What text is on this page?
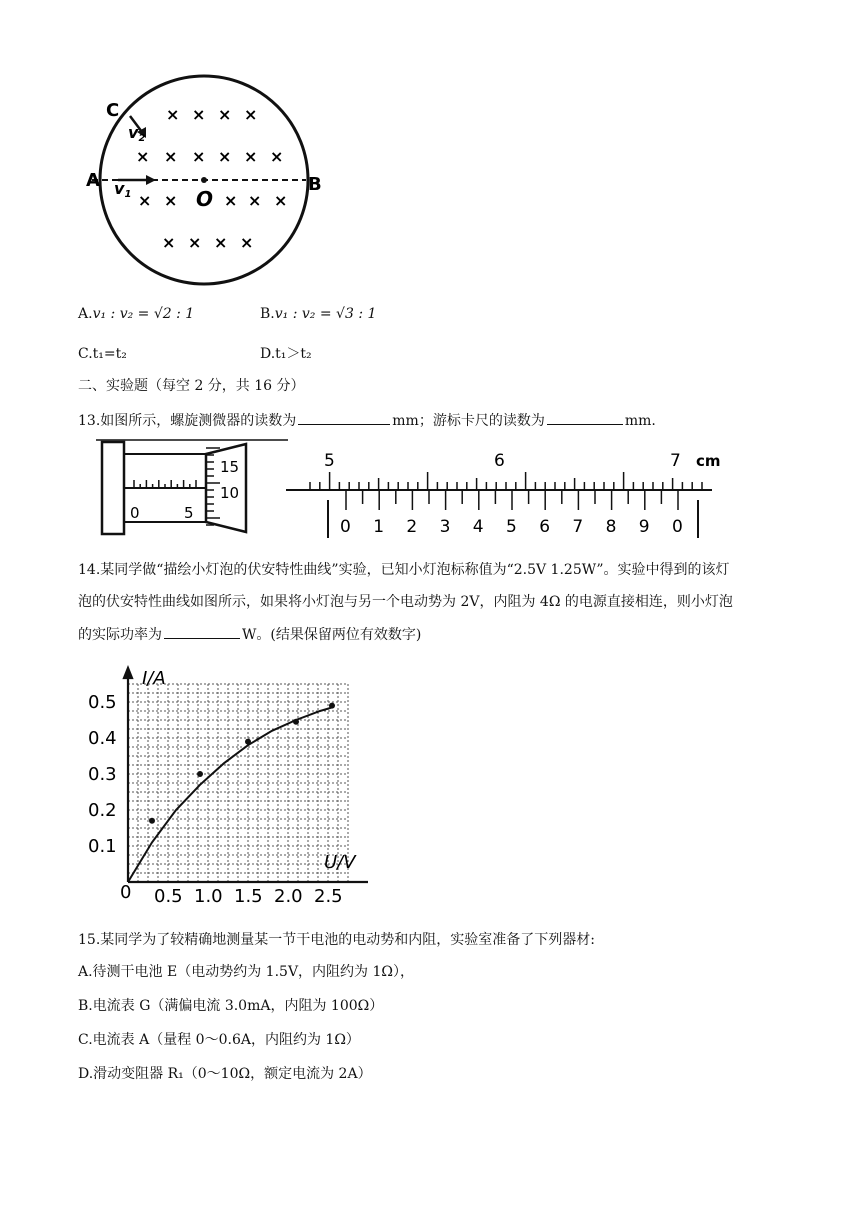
C
A	B
O
v1
v2
× × × ×
× × × × × ×
× ×	× × ×
× × × ×
A.v₁ : v₂ = √2 : 1	B.v₁ : v₂ = √3 : 1
C.t₁=t₂	D.t₁＞t₂
二、实验题（每空 2 分，共 16 分）
13.如图所示，螺旋测微器的读数为	mm；游标卡尺的读数为	mm.
0	5
15
10
5	6	7 cm
0 1 2 3 4 5 6 7 8 9 0
14.某同学做“描绘小灯泡的伏安特性曲线”实验，已知小灯泡标称值为“2.5V 1.25W”。实验中得到的该灯
泡的伏安特性曲线如图所示，如果将小灯泡与另一个电动势为 2V，内阻为 4Ω 的电源直接相连，则小灯泡
的实际功率为	W。(结果保留两位有效数字)
0.1
0.2
0.3
0.4
0.5
0.5 1.0 1.5 2.0 2.5
I/A
U/V
0
15.某同学为了较精确地测量某一节干电池的电动势和内阻，实验室准备了下列器材:
A.待测干电池 E（电动势约为 1.5V，内阻约为 1Ω），
B.电流表 G（满偏电流 3.0mA，内阻为 100Ω）
C.电流表 A（量程 0～0.6A，内阻约为 1Ω）
D.滑动变阻器 R₁（0～10Ω，额定电流为 2A）
